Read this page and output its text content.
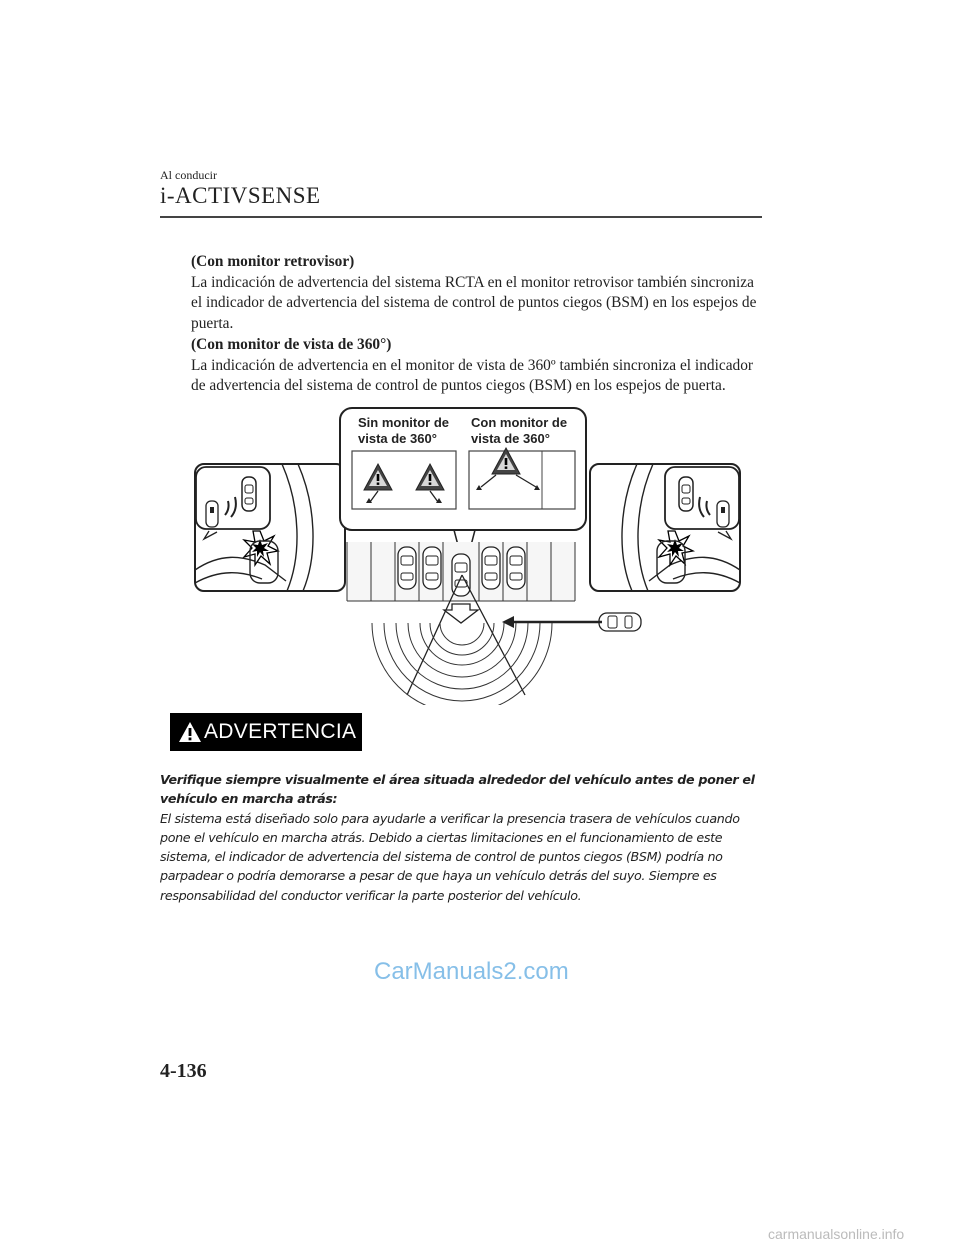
Al conducir
i-ACTIVSENSE

(Con monitor retrovisor)

La indicación de advertencia del sistema RCTA en el monitor retrovisor también sincroniza el indicador de advertencia del sistema de control de puntos ciegos (BSM) en los espejos de puerta.

(Con monitor de vista de 360°)

La indicación de advertencia en el monitor de vista de 360º también sincroniza el indicador de advertencia del sistema de control de puntos ciegos (BSM) en los espejos de puerta.

Sin monitor de vista de 360°
Con monitor de vista de 360°
ADVERTENCIA

Verifique siempre visualmente el área situada alrededor del vehículo antes de poner el vehículo en marcha atrás:

El sistema está diseñado solo para ayudarle a verificar la presencia trasera de vehículos cuando pone el vehículo en marcha atrás. Debido a ciertas limitaciones en el funcionamiento de este sistema, el indicador de advertencia del sistema de control de puntos ciegos (BSM) podría no parpadear o podría demorarse a pesar de que haya un vehículo detrás del suyo. Siempre es responsabilidad del conductor verificar la parte posterior del vehículo.

CarManuals2.com
4-136
carmanualsonline.info
